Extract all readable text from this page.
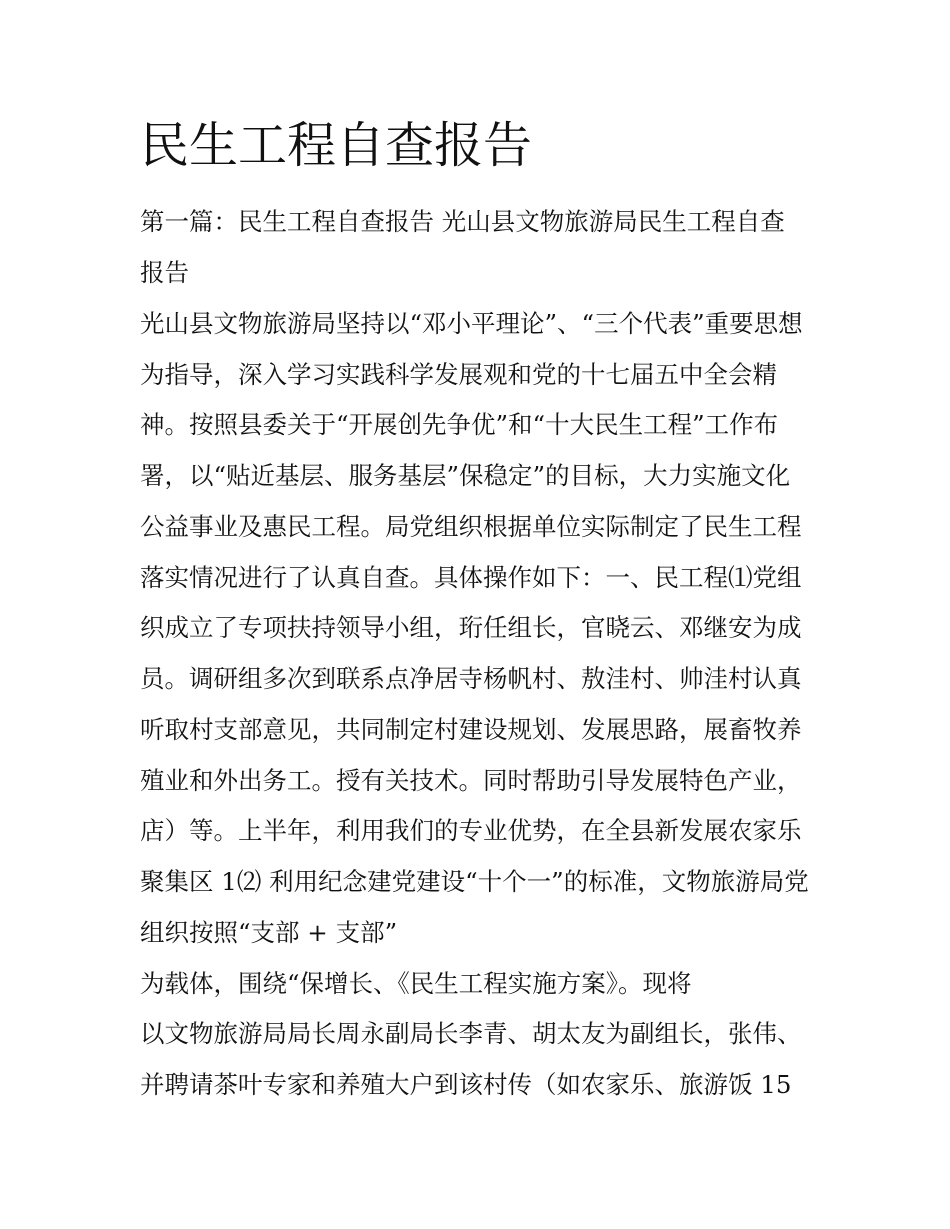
民生工程自查报告
第一篇：民生工程自查报告 光山县文物旅游局民生工程自查
报告
光山县文物旅游局坚持以“邓小平理论”、“三个代表”重要思想
为指导，深入学习实践科学发展观和党的十七届五中全会精
神。按照县委关于“开展创先争优”和“十大民生工程”工作布
署，以“贴近基层、服务基层”保稳定”的目标，大力实施文化
公益事业及惠民工程。局党组织根据单位实际制定了民生工程
落实情况进行了认真自查。具体操作如下：一、民工程⑴党组
织成立了专项扶持领导小组，珩任组长，官晓云、邓继安为成
员。调研组多次到联系点净居寺杨帆村、敖洼村、帅洼村认真
听取村支部意见，共同制定村建设规划、发展思路，展畜牧养
殖业和外出务工。授有关技术。同时帮助引导发展特色产业，
店）等。上半年，利用我们的专业优势，在全县新发展农家乐
聚集区 1⑵ 利用纪念建党建设“十个一”的标准，文物旅游局党
组织按照“支部 + 支部”
为载体，围绕“保增长、《民生工程实施方案》。现将
以文物旅游局局长周永副局长李青、胡太友为副组长，张伟、
并聘请茶叶专家和养殖大户到该村传（如农家乐、旅游饭 15
